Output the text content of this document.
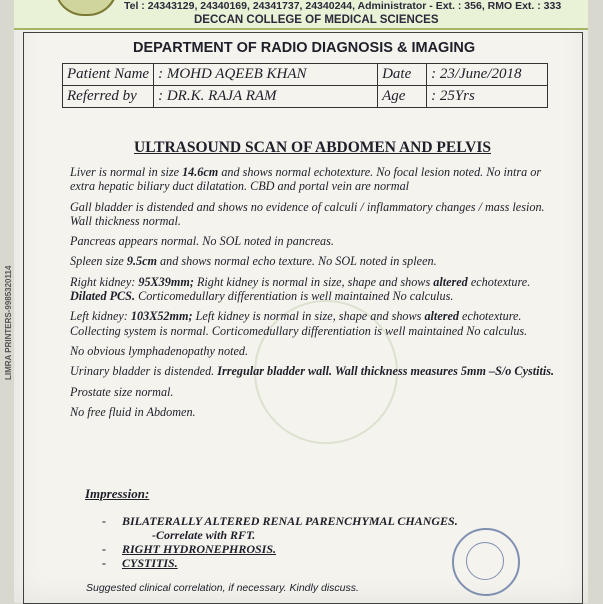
Tel : 24343129, 24340169, 24341737, 24340244, Administrator - Ext. : 356, RMO Ext. : 333
DECCAN COLLEGE OF MEDICAL SCIENCES
DEPARTMENT OF RADIO DIAGNOSIS & IMAGING
Patient Name	: MOHD AQEEB KHAN	Date	: 23/June/2018
Referred by	: DR.K. RAJA RAM	Age	: 25Yrs
ULTRASOUND SCAN OF ABDOMEN AND PELVIS

Liver is normal in size 14.6cm and shows normal echotexture. No focal lesion noted. No intra or extra hepatic biliary duct dilatation. CBD and portal vein are normal

Gall bladder is distended and shows no evidence of calculi / inflammatory changes / mass lesion. Wall thickness normal.

Pancreas appears normal. No SOL noted in pancreas.

Spleen size 9.5cm and shows normal echo texture. No SOL noted in spleen.

Right kidney: 95X39mm; Right kidney is normal in size, shape and shows altered echotexture. Dilated PCS. Corticomedullary differentiation is well maintained No calculus.

Left kidney: 103X52mm; Left kidney is normal in size, shape and shows altered echotexture. Collecting system is normal. Corticomedullary differentiation is well maintained No calculus.

No obvious lymphadenopathy noted.

Urinary bladder is distended. Irregular bladder wall. Wall thickness measures 5mm –S/o Cystitis.

Prostate size normal.

No free fluid in Abdomen.

Impression:
- BILATERALLY ALTERED RENAL PARENCHYMAL CHANGES.
-Correlate with RFT.
- RIGHT HYDRONEPHROSIS.
- CYSTITIS.
Suggested clinical correlation, if necessary. Kindly discuss.
LIMRA PRINTERS-9985320114
